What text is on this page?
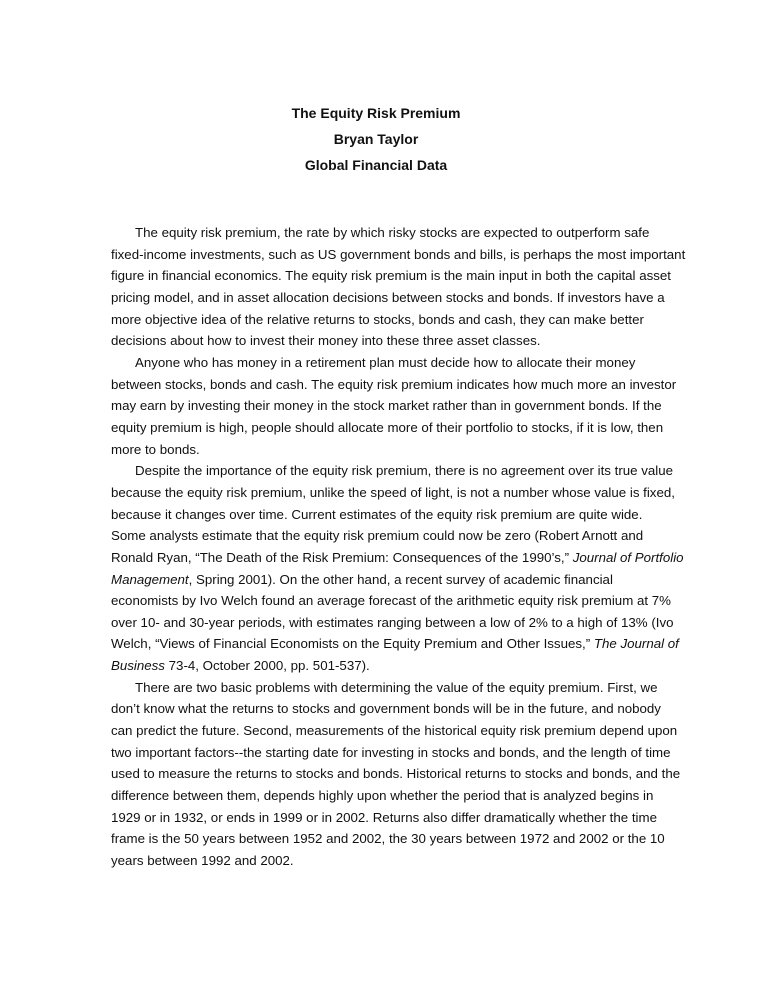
The Equity Risk Premium
Bryan Taylor
Global Financial Data
The equity risk premium, the rate by which risky stocks are expected to outperform safe
fixed-income investments, such as US government bonds and bills, is perhaps the most important
figure in financial economics. The equity risk premium is the main input in both the capital asset
pricing model, and in asset allocation decisions between stocks and bonds. If investors have a
more objective idea of the relative returns to stocks, bonds and cash, they can make better
decisions about how to invest their money into these three asset classes.
Anyone who has money in a retirement plan must decide how to allocate their money
between stocks, bonds and cash. The equity risk premium indicates how much more an investor
may earn by investing their money in the stock market rather than in government bonds. If the
equity premium is high, people should allocate more of their portfolio to stocks, if it is low, then
more to bonds.
Despite the importance of the equity risk premium, there is no agreement over its true value
because the equity risk premium, unlike the speed of light, is not a number whose value is fixed,
because it changes over time. Current estimates of the equity risk premium are quite wide.
Some analysts estimate that the equity risk premium could now be zero (Robert Arnott and
Ronald Ryan, “The Death of the Risk Premium: Consequences of the 1990’s,” Journal of Portfolio
Management, Spring 2001). On the other hand, a recent survey of academic financial
economists by Ivo Welch found an average forecast of the arithmetic equity risk premium at 7%
over 10- and 30-year periods, with estimates ranging between a low of 2% to a high of 13% (Ivo
Welch, “Views of Financial Economists on the Equity Premium and Other Issues,” The Journal of
Business 73-4, October 2000, pp. 501-537).
There are two basic problems with determining the value of the equity premium. First, we
don’t know what the returns to stocks and government bonds will be in the future, and nobody
can predict the future. Second, measurements of the historical equity risk premium depend upon
two important factors--the starting date for investing in stocks and bonds, and the length of time
used to measure the returns to stocks and bonds. Historical returns to stocks and bonds, and the
difference between them, depends highly upon whether the period that is analyzed begins in
1929 or in 1932, or ends in 1999 or in 2002. Returns also differ dramatically whether the time
frame is the 50 years between 1952 and 2002, the 30 years between 1972 and 2002 or the 10
years between 1992 and 2002.
